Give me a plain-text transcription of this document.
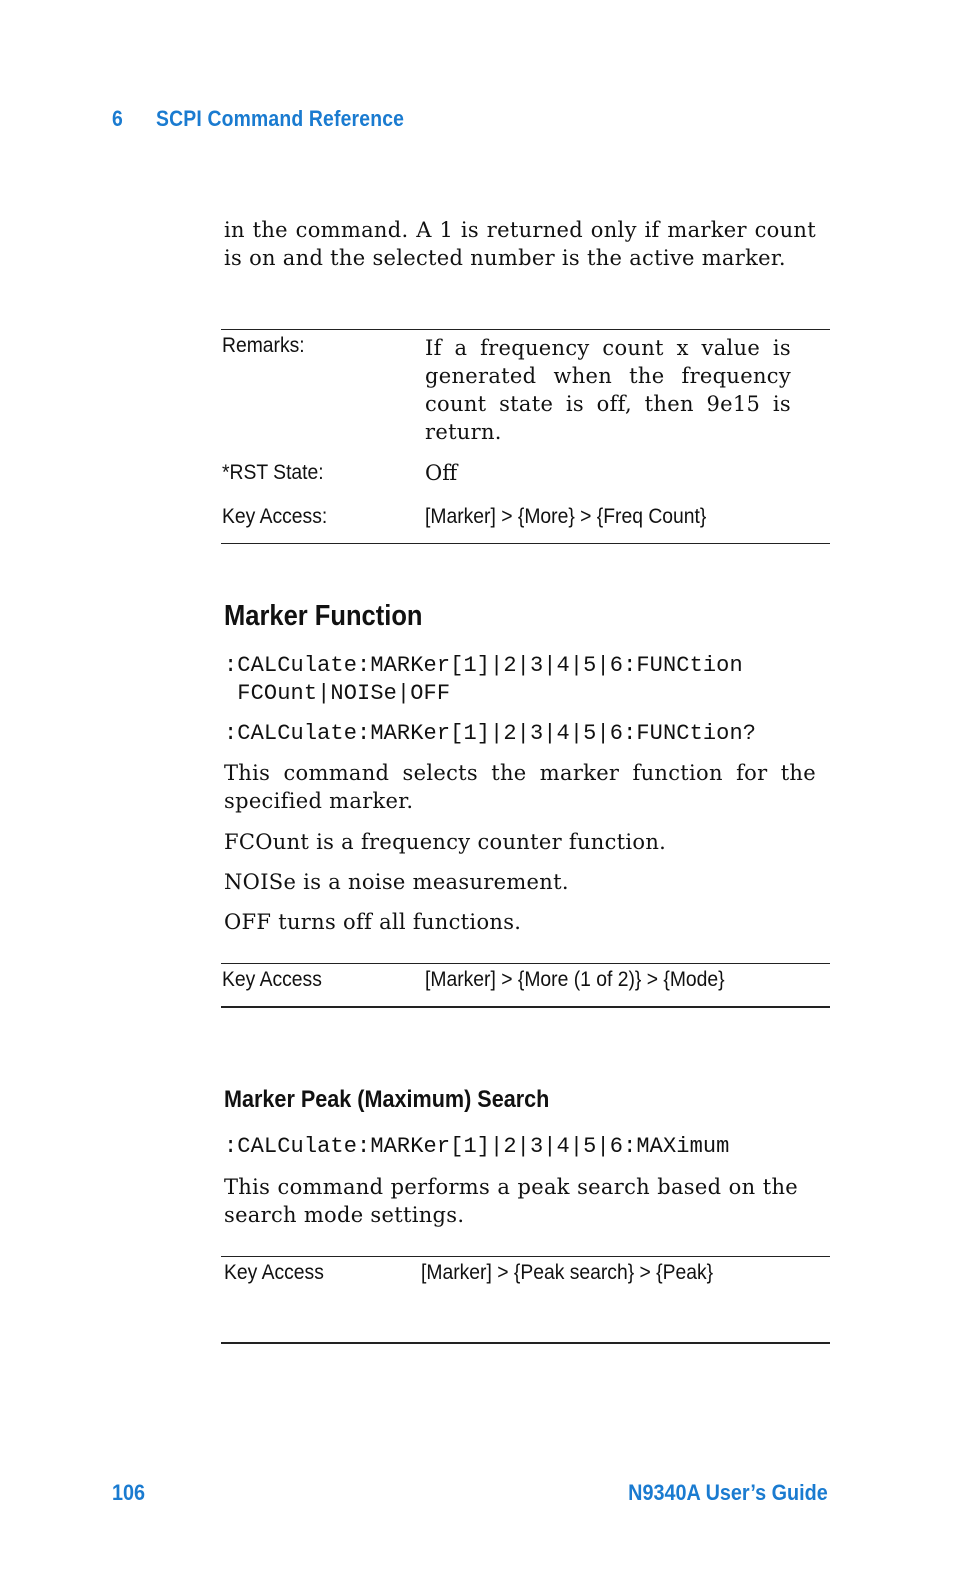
6 SCPI Command Reference

in the command. A 1 is returned only if marker count is on and the selected number is the active marker.

Remarks:	If a frequency count x value is generated when the frequency count state is off, then 9e15 is return.

*RST State:	Off
Key Access:	[Marker] > {More} > {Freq Count}
Marker Function
:CALCulate:MARKer[1]|2|3|4|5|6:FUNCtion
FCOunt|NOISe|OFF
:CALCulate:MARKer[1]|2|3|4|5|6:FUNCtion?

This command selects the marker function for the specified marker.

FCOunt is a frequency counter function.

NOISe is a noise measurement.

OFF turns off all functions.

Key Access	[Marker] > {More (1 of 2)} > {Mode}
Marker Peak (Maximum) Search
:CALCulate:MARKer[1]|2|3|4|5|6:MAXimum

This command performs a peak search based on the search mode settings.

Key Access	[Marker] > {Peak search} > {Peak}
106	N9340A User’s Guide
